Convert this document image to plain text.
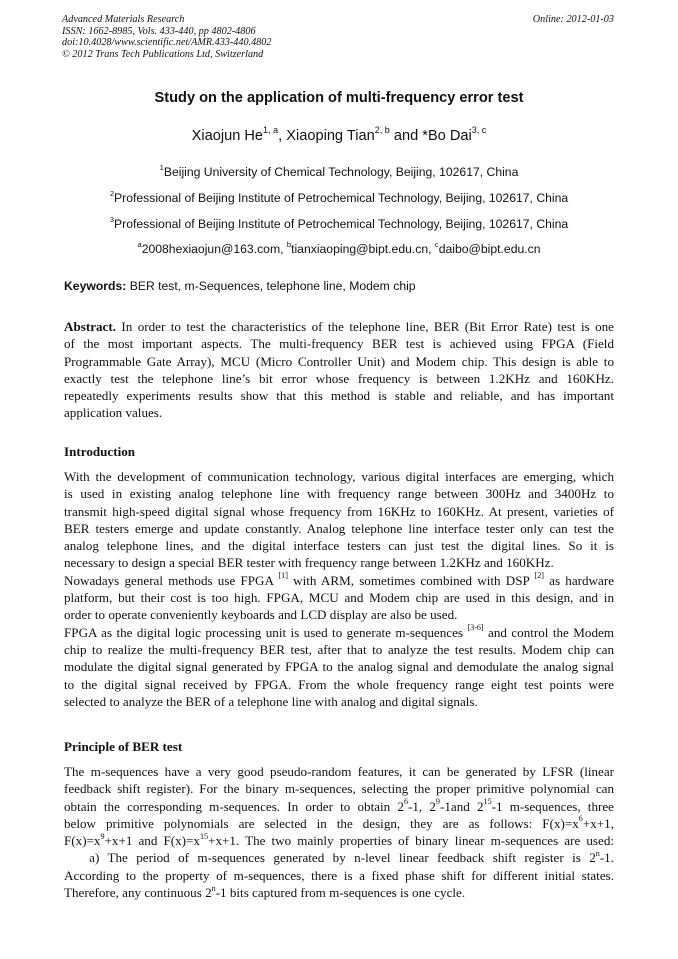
Advanced Materials Research
ISSN: 1662-8985, Vols. 433-440, pp 4802-4806
doi:10.4028/www.scientific.net/AMR.433-440.4802
© 2012 Trans Tech Publications Ltd, Switzerland
Online: 2012-01-03
Study on the application of multi-frequency error test
Xiaojun He$^{1, a}$, Xiaoping Tian$^{2, b}$ and *Bo Dai$^{3, c}$
$^1$Beijing University of Chemical Technology, Beijing, 102617, China
$^2$Professional of Beijing Institute of Petrochemical Technology, Beijing, 102617, China
$^3$Professional of Beijing Institute of Petrochemical Technology, Beijing, 102617, China
$^a$2008hexiaojun@163.com, $^b$tianxiaoping@bipt.edu.cn, $^c$daibo@bipt.edu.cn
Keywords: BER test, m-Sequences, telephone line, Modem chip
Abstract. In order to test the characteristics of the telephone line, BER (Bit Error Rate) test is one
of the most important aspects. The multi-frequency BER test is achieved using FPGA (Field
Programmable Gate Array), MCU (Micro Controller Unit) and Modem chip. This design is able to
exactly test the telephone line’s bit error whose frequency is between 1.2KHz and 160KHz.
repeatedly experiments results show that this method is stable and reliable, and has important
application values.
Introduction
With the development of communication technology, various digital interfaces are emerging, which
is used in existing analog telephone line with frequency range between 300Hz and 3400Hz to
transmit high-speed digital signal whose frequency from 16KHz to 160KHz. At present, varieties of
BER testers emerge and update constantly. Analog telephone line interface tester only can test the
analog telephone lines, and the digital interface testers can just test the digital lines. So it is
necessary to design a special BER tester with frequency range between 1.2KHz and 160KHz.
Nowadays general methods use FPGA [1] with ARM, sometimes combined with DSP [2] as hardware
platform, but their cost is too high. FPGA, MCU and Modem chip are used in this design, and in
order to operate conveniently keyboards and LCD display are also be used.
FPGA as the digital logic processing unit is used to generate m-sequences [3-6] and control the Modem
chip to realize the multi-frequency BER test, after that to analyze the test results. Modem chip can
modulate the digital signal generated by FPGA to the analog signal and demodulate the analog signal
to the digital signal received by FPGA. From the whole frequency range eight test points were
selected to analyze the BER of a telephone line with analog and digital signals.
Principle of BER test
The m-sequences have a very good pseudo-random features, it can be generated by LFSR (linear
feedback shift register). For the binary m-sequences, selecting the proper primitive polynomial can
obtain the corresponding m-sequences. In order to obtain $2^6-1$, $2^9-1and$ $2^{15}-1$ m-sequences, three
below primitive polynomials are selected in the design, they are as follows: $F(x)=x^6+x+1$,
$F(x)=x^9+x+1$ and $F(x)=x^{15}+x+1$. The two mainly properties of binary linear m-sequences are used:
a) The period of m-sequences generated by n-level linear feedback shift register is 2$^n$-1.
According to the property of m-sequences, there is a fixed phase shift for different initial states.
Therefore, any continuous 2$^n$-1 bits captured from m-sequences is one cycle.
